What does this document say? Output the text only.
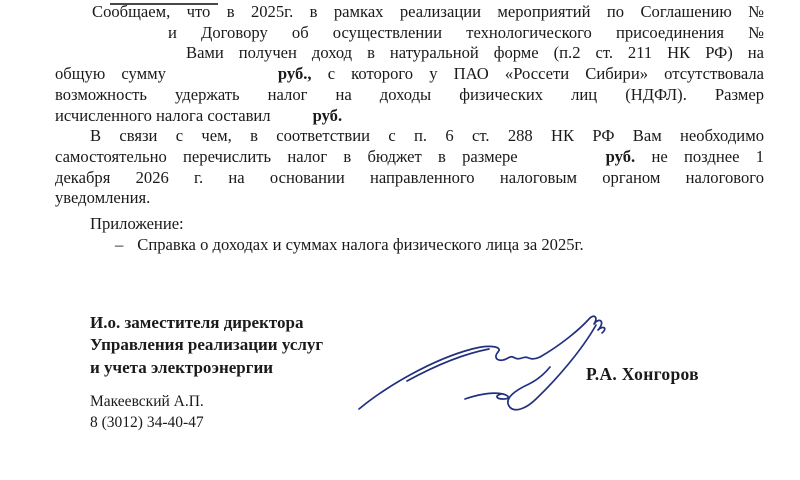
Сообщаем, что в 2025г. в рамках реализации мероприятий по Соглашению №
и Договору об осуществлении технологического присоединения №
Вами получен доход в натуральной форме (п.2 ст. 211 НК РФ) на
общую сумму	руб., с которого у ПАО «Россети Сибири» отсутствовала
возможность удержать налог на доходы физических лиц (НДФЛ). Размер
исчисленного налога составил	руб.
В связи с чем, в соответствии с п. 6 ст. 288 НК РФ Вам необходимо
самостоятельно перечислить налог в бюджет в размере	руб. не позднее 1
декабря 2026 г. на основании направленного налоговым органом налогового
уведомления.
Приложение:
– Справка о доходах и суммах налога физического лица за 2025г.
И.о. заместителя директора
Управления реализации услуг
и учета электроэнергии	Р.А. Хонгоров
Макеевский А.П.
8 (3012) 34-40-47
